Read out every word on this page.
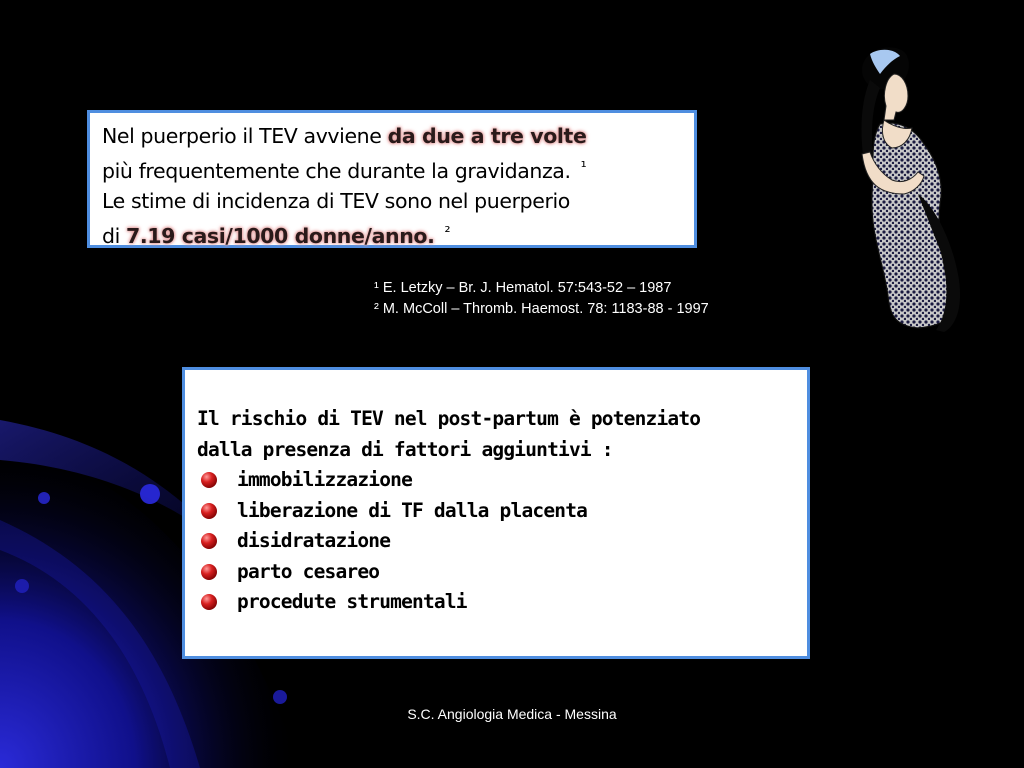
Nel puerperio il TEV avviene da due a tre volte
più frequentemente che durante la gravidanza. $^{^1}$
Le stime di incidenza di TEV sono nel puerperio
di 7.19 casi/1000 donne/anno. $^{^2}$
¹ E. Letzky – Br. J. Hematol. 57:543-52 – 1987
² M. McColl – Thromb. Haemost. 78: 1183-88 - 1997
Il rischio di TEV nel post-partum è potenziato
dalla presenza di fattori aggiuntivi :
immobilizzazione
liberazione di TF dalla placenta
disidratazione
parto cesareo
procedute strumentali
S.C. Angiologia Medica - Messina
